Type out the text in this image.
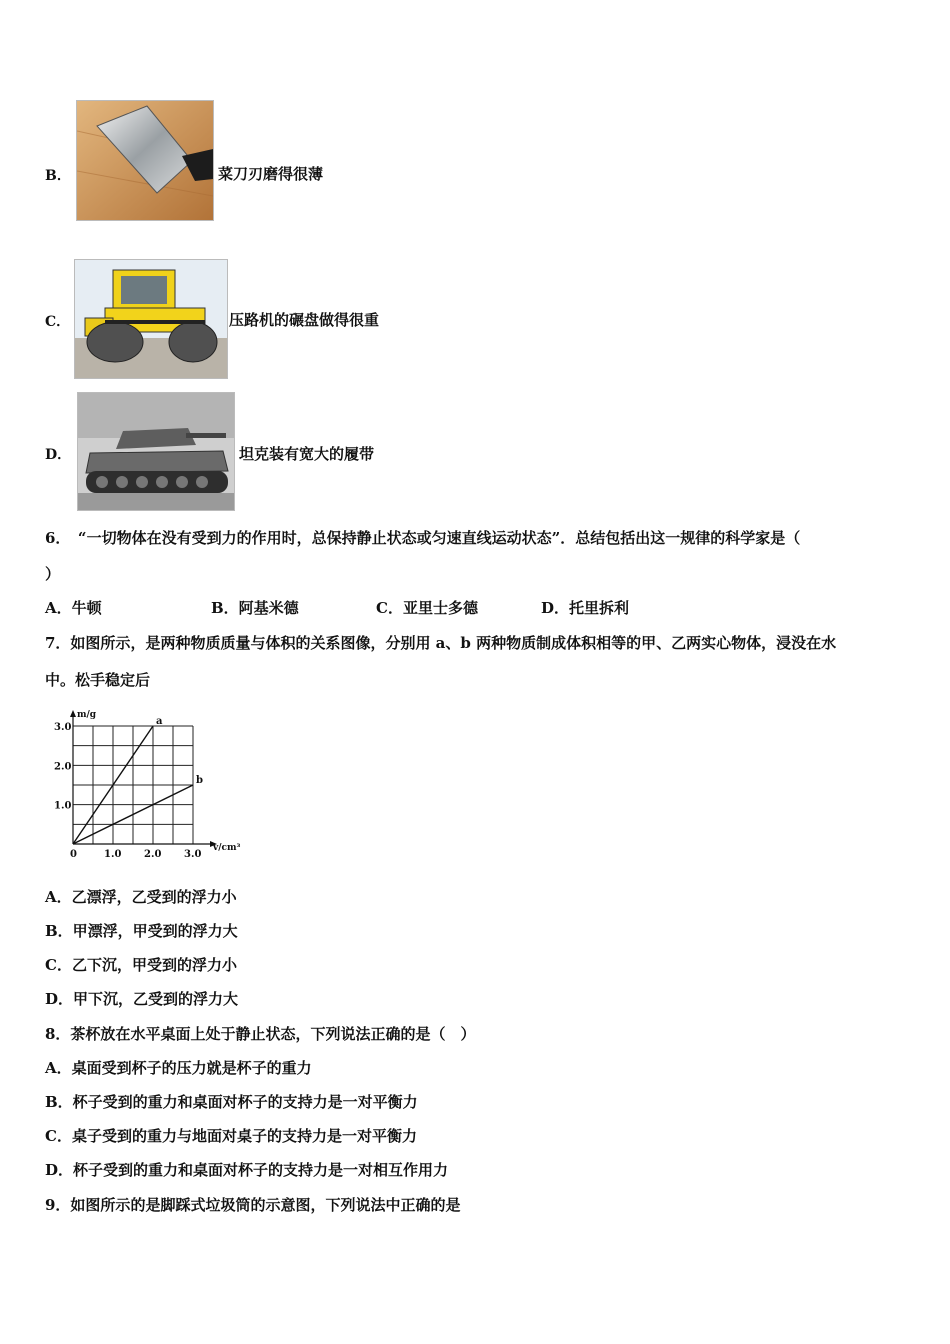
B．	菜刀刃磨得很薄
C．	压路机的碾盘做得很重
D．	坦克装有宽大的履带
6．　“一切物体在没有受到力的作用时，总保持静止状态或匀速直线运动状态”．总结包括出这一规律的科学家是（
）
A．牛顿	B．阿基米德	C．亚里士多德	D．托里拆利
7．如图所示，是两种物质质量与体积的关系图像，分别用 a、b 两种物质制成体积相等的甲、乙两实心物体，浸没在水
中。松手稳定后
a
b
0	1.0 2.0 3.0
1.0
2.0
3.0
m/g
v/cm³
A．乙漂浮，乙受到的浮力小
B．甲漂浮，甲受到的浮力大
C．乙下沉，甲受到的浮力小
D．甲下沉，乙受到的浮力大
8．茶杯放在水平桌面上处于静止状态，下列说法正确的是（　）
A．桌面受到杯子的压力就是杯子的重力
B．杯子受到的重力和桌面对杯子的支持力是一对平衡力
C．桌子受到的重力与地面对桌子的支持力是一对平衡力
D．杯子受到的重力和桌面对杯子的支持力是一对相互作用力
9．如图所示的是脚踩式垃圾筒的示意图，下列说法中正确的是
